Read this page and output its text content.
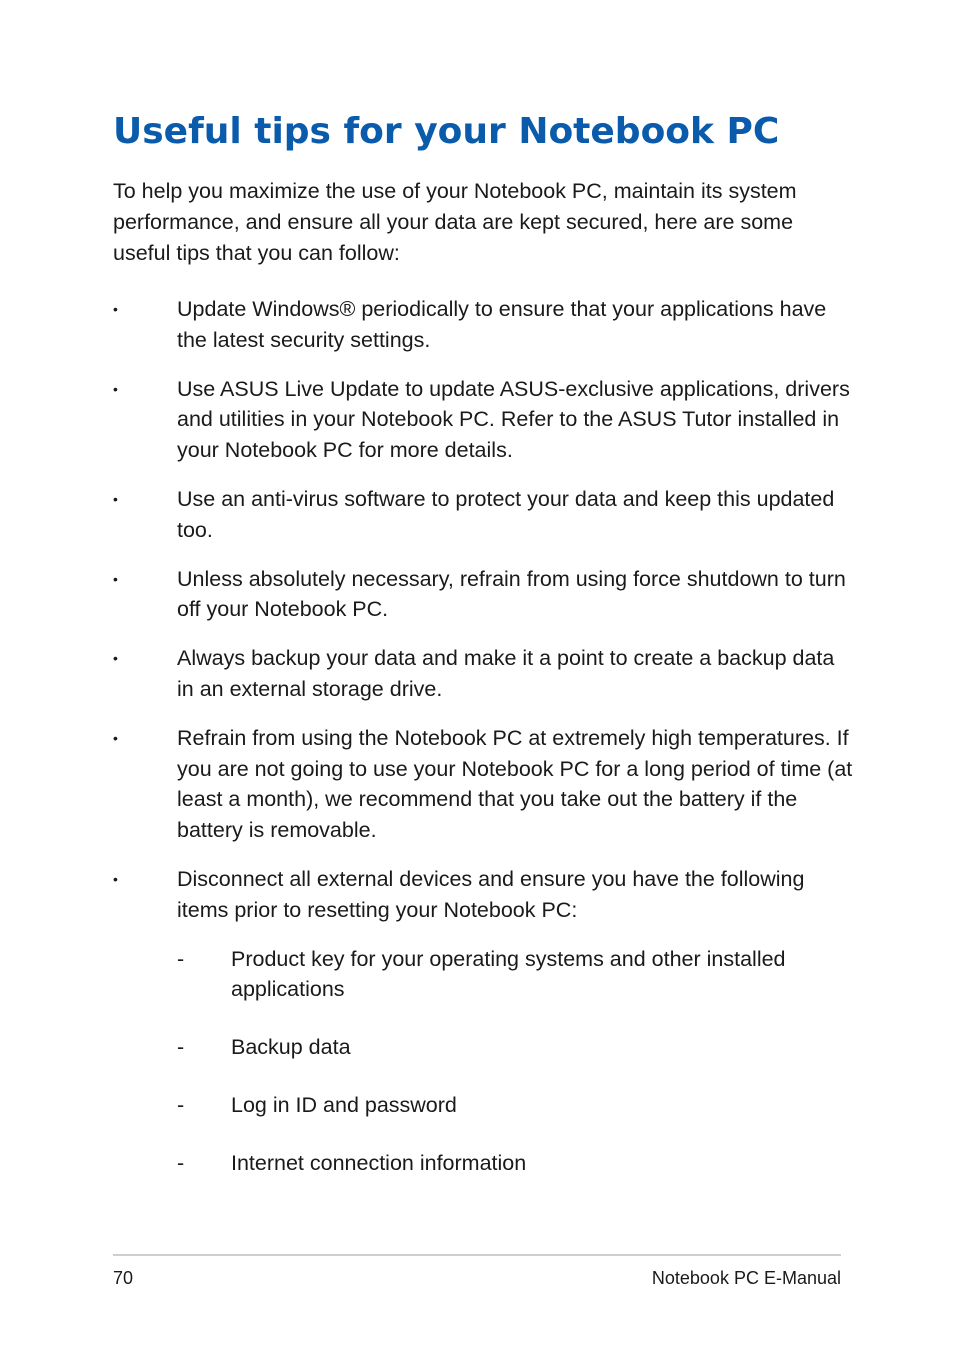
Useful tips for your Notebook PC

To help you maximize the use of your Notebook PC, maintain its system performance, and ensure all your data are kept secured, here are some useful tips that you can follow:

•	Update Windows® periodically to ensure that your applications have the latest security settings.
•	Use ASUS Live Update to update ASUS-exclusive applications, drivers and utilities in your Notebook PC. Refer to the ASUS Tutor installed in your Notebook PC for more details.
•	Use an anti-virus software to protect your data and keep this updated too.
•	Unless absolutely necessary, refrain from using force shutdown to turn off your Notebook PC.
•	Always backup your data and make it a point to create a backup data in an external storage drive.
•	Refrain from using the Notebook PC at extremely high temperatures. If you are not going to use your Notebook PC for a long period of time (at least a month), we recommend that you take out the battery if the battery is removable.
•	Disconnect all external devices and ensure you have the following items prior to resetting your Notebook PC:
- Product key for your operating systems and other installed applications
- Backup data
- Log in ID and password
- Internet connection information
70	Notebook PC E-Manual
